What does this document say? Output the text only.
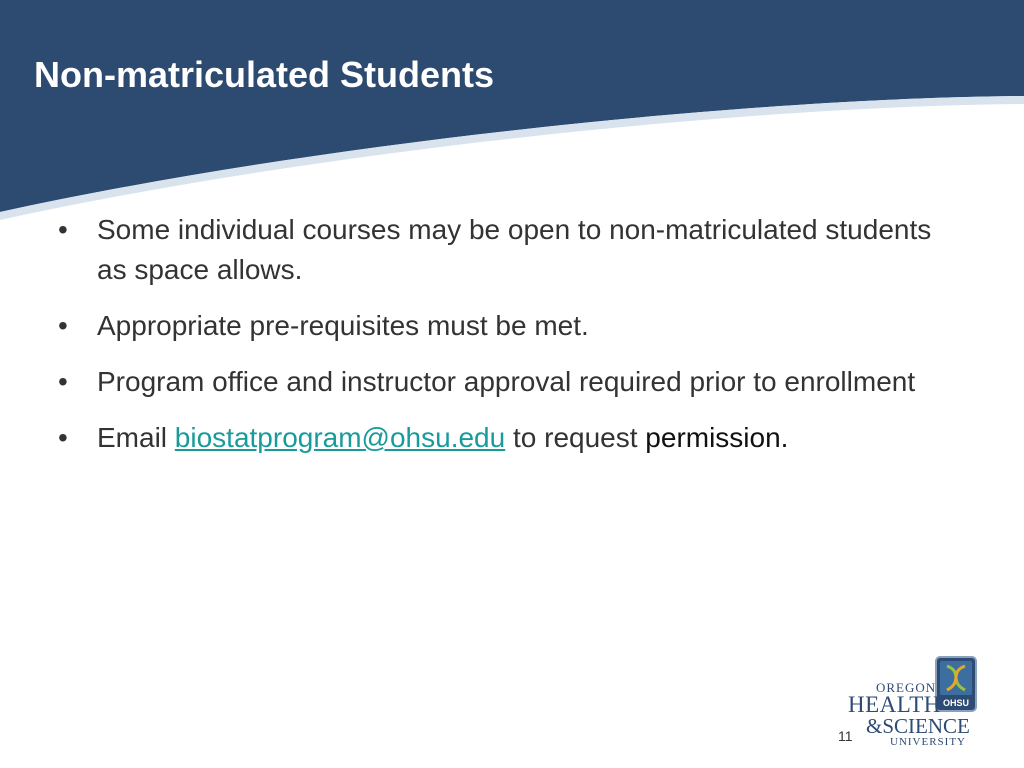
Non-matriculated Students
•	Some individual courses may be open to non-matriculated students as space allows.
•	Appropriate pre-requisites must be met.
•	Program office and instructor approval required prior to enrollment
•	Email biostatprogram@ohsu.edu to request permission.
OHSU
OREGON
HEALTH
&SCIENCE
UNIVERSITY
11
